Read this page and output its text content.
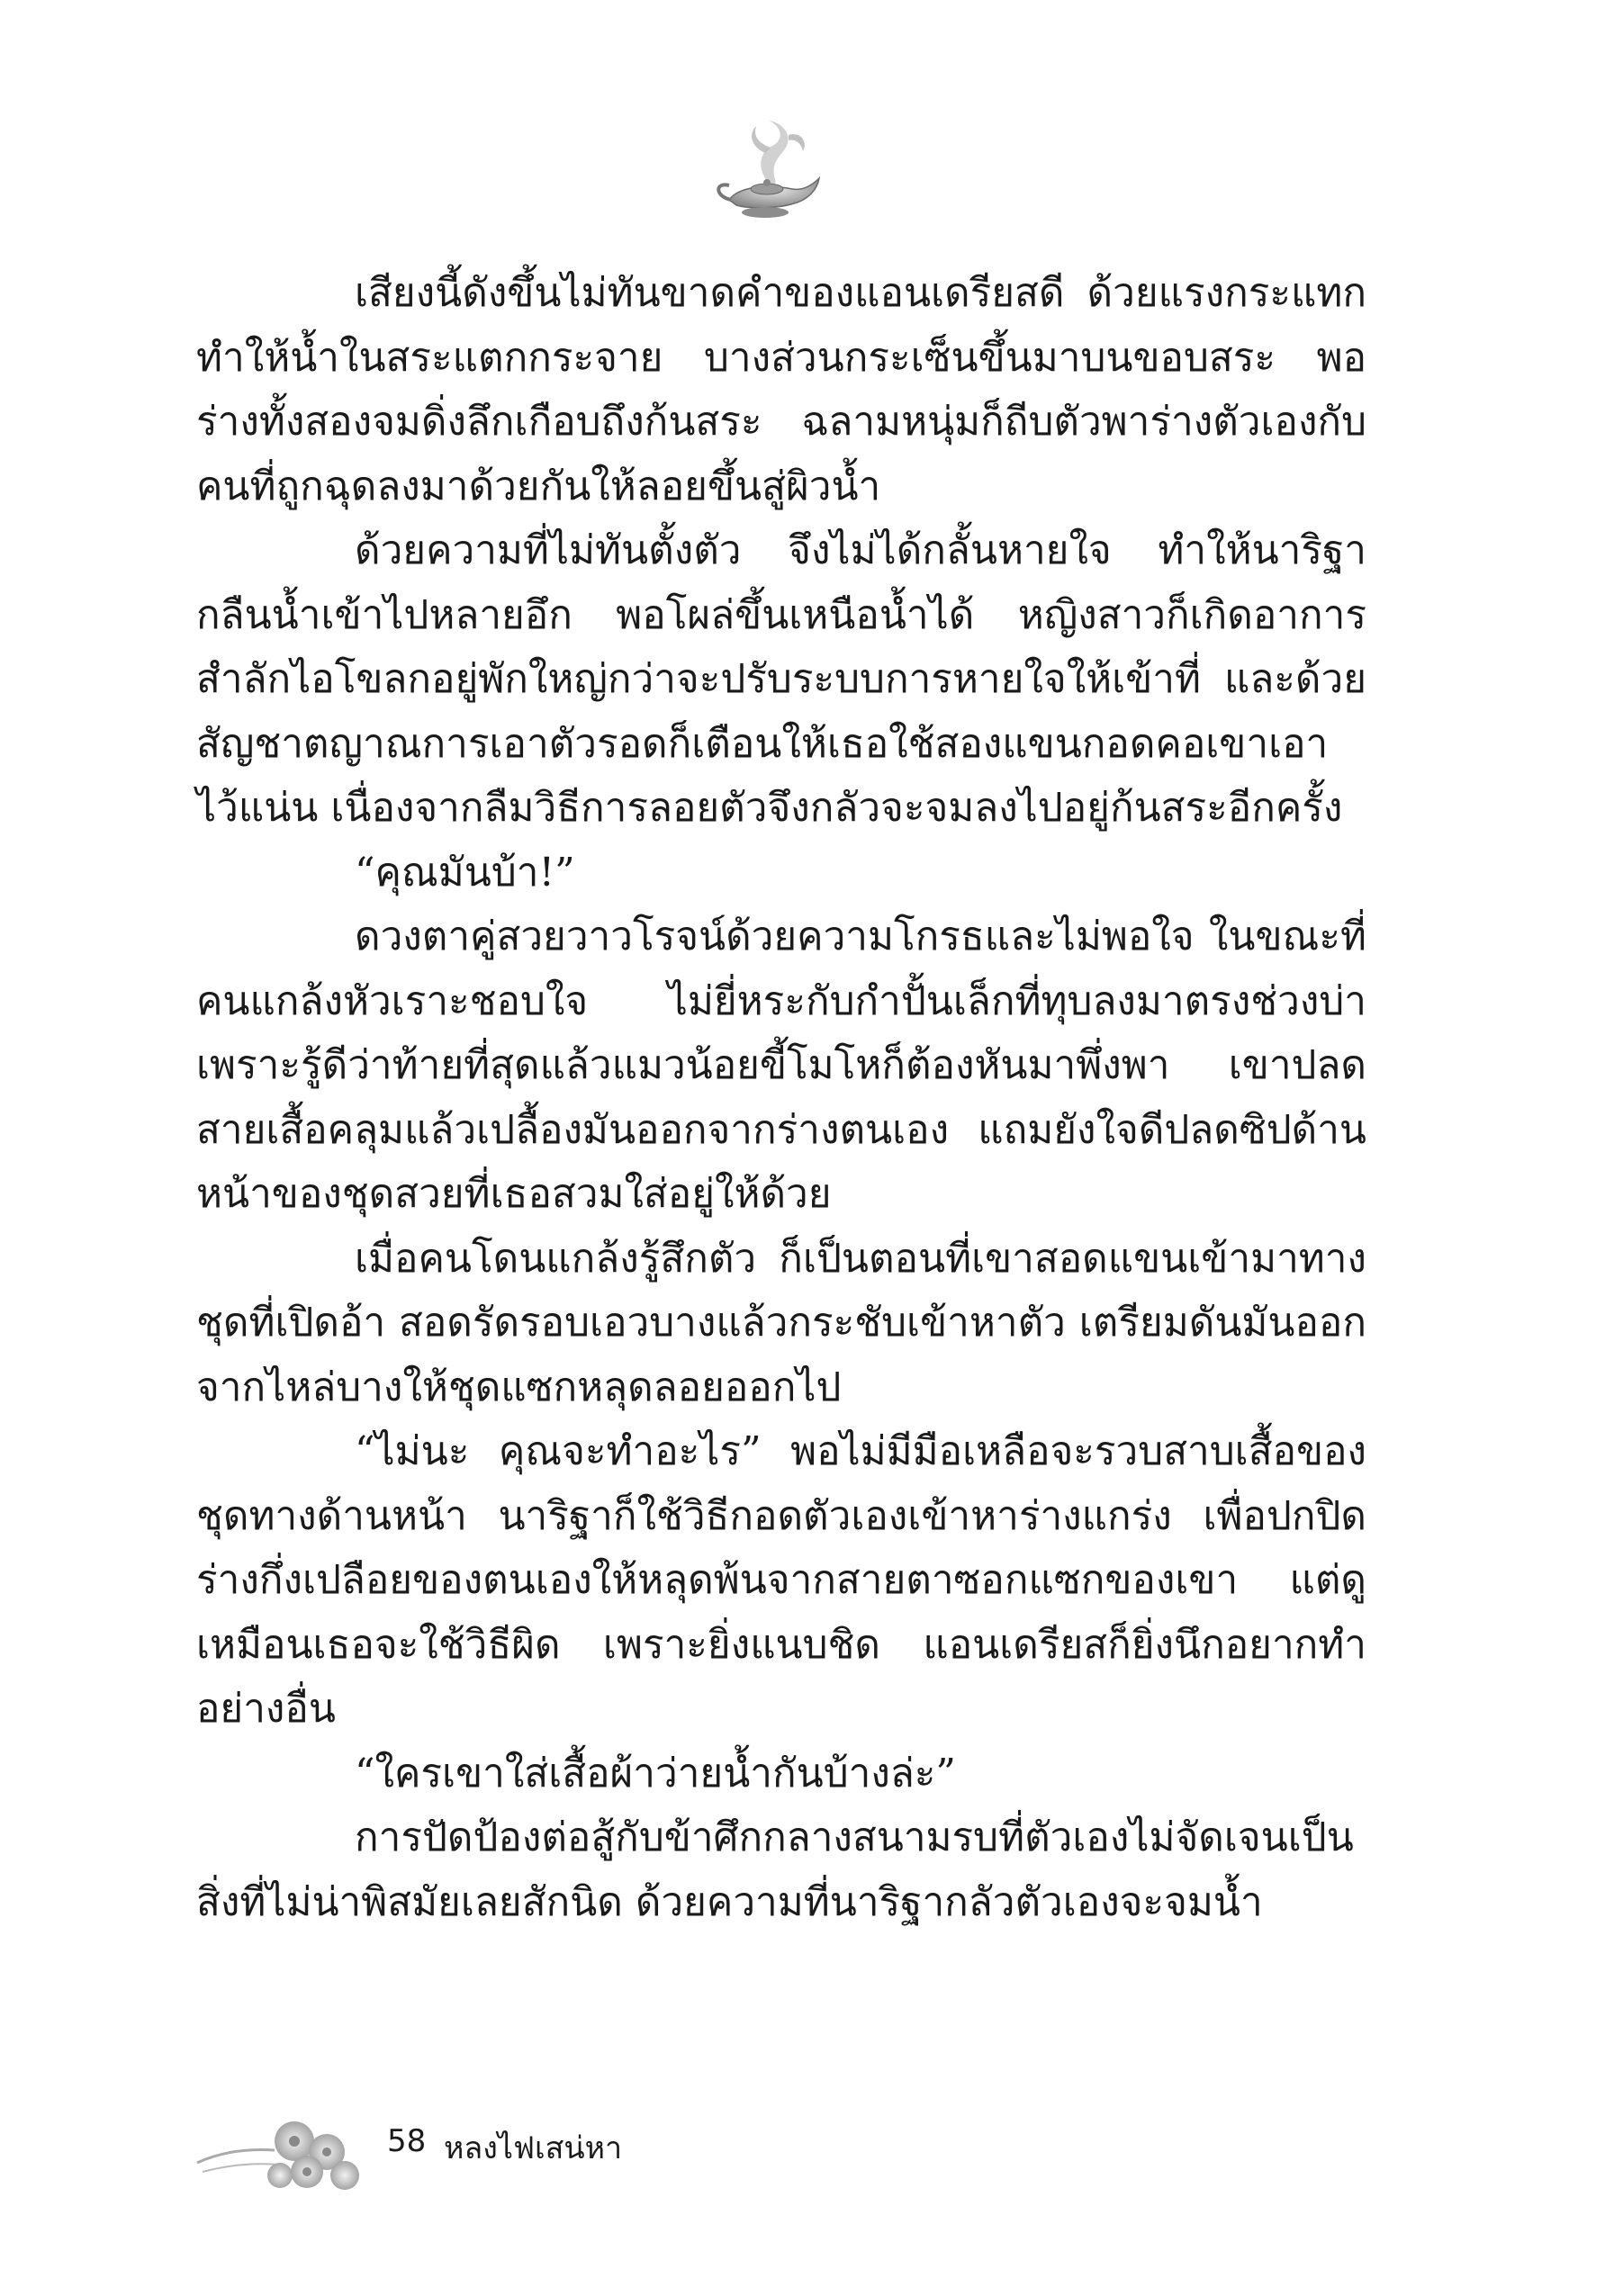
เสียงนี้ดังขึ้นไม่ทันขาดคำของแอนเดรียสดี ด้วยแรงกระแทกทำให้น้ำในสระแตกกระจาย บางส่วนกระเซ็นขึ้นมาบนขอบสระ พอร่างทั้งสองจมดิ่งลึกเกือบถึงก้นสระ ฉลามหนุ่มก็ถีบตัวพาร่างตัวเองกับคนที่ถูกฉุดลงมาด้วยกันให้ลอยขึ้นสู่ผิวน้ำ

ด้วยความที่ไม่ทันตั้งตัว จึงไม่ได้กลั้นหายใจ ทำให้นาริฐากลืนน้ำเข้าไปหลายอึก พอโผล่ขึ้นเหนือน้ำได้ หญิงสาวก็เกิดอาการสำลักไอโขลกอยู่พักใหญ่กว่าจะปรับระบบการหายใจให้เข้าที่ และด้วยสัญชาตญาณการเอาตัวรอดก็เตือนให้เธอใช้สองแขนกอดคอเขาเอาไว้แน่น เนื่องจากลืมวิธีการลอยตัวจึงกลัวจะจมลงไปอยู่ก้นสระอีกครั้ง

“คุณมันบ้า!”

ดวงตาคู่สวยวาวโรจน์ด้วยความโกรธและไม่พอใจ ในขณะที่คนแกล้งหัวเราะชอบใจ ไม่ยี่หระกับกำปั้นเล็กที่ทุบลงมาตรงช่วงบ่า เพราะรู้ดีว่าท้ายที่สุดแล้วแมวน้อยขี้โมโหก็ต้องหันมาพึ่งพา เขาปลดสายเสื้อคลุมแล้วเปลื้องมันออกจากร่างตนเอง แถมยังใจดีปลดซิปด้านหน้าของชุดสวยที่เธอสวมใส่อยู่ให้ด้วย

เมื่อคนโดนแกล้งรู้สึกตัว ก็เป็นตอนที่เขาสอดแขนเข้ามาทางชุดที่เปิดอ้า สอดรัดรอบเอวบางแล้วกระชับเข้าหาตัว เตรียมดันมันออกจากไหล่บางให้ชุดแซกหลุดลอยออกไป

“ไม่นะ คุณจะทำอะไร” พอไม่มีมือเหลือจะรวบสาบเสื้อของชุดทางด้านหน้า นาริฐาก็ใช้วิธีกอดตัวเองเข้าหาร่างแกร่ง เพื่อปกปิดร่างกึ่งเปลือยของตนเองให้หลุดพ้นจากสายตาซอกแซกของเขา แต่ดูเหมือนเธอจะใช้วิธีผิด เพราะยิ่งแนบชิด แอนเดรียสก็ยิ่งนึกอยากทำอย่างอื่น

“ใครเขาใส่เสื้อผ้าว่ายน้ำกันบ้างล่ะ”

การปัดป้องต่อสู้กับข้าศึกกลางสนามรบที่ตัวเองไม่จัดเจนเป็นสิ่งที่ไม่น่าพิสมัยเลยสักนิด ด้วยความที่นาริฐากลัวตัวเองจะจมน้ำ

58 หลงไฟเสน่หา
